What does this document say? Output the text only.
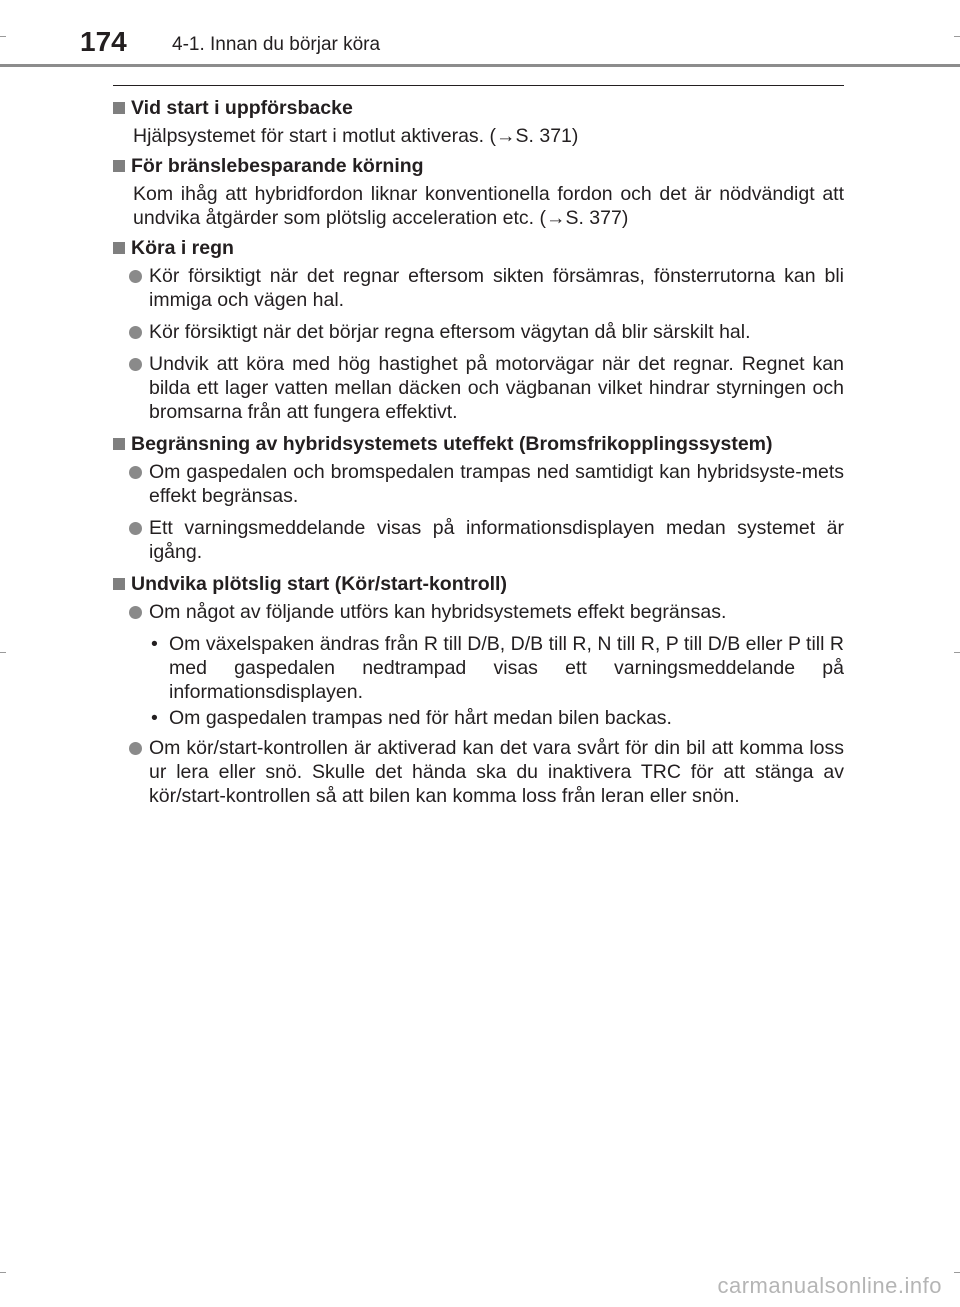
174 4-1. Innan du börjar köra
Vid start i uppförsbacke
Hjälpsystemet för start i motlut aktiveras. (→S. 371)
För bränslebesparande körning
Kom ihåg att hybridfordon liknar konventionella fordon och det är nödvändigt att undvika åtgärder som plötslig acceleration etc. (→S. 377)
Köra i regn
Kör försiktigt när det regnar eftersom sikten försämras, fönsterrutorna kan bli immiga och vägen hal.
Kör försiktigt när det börjar regna eftersom vägytan då blir särskilt hal.
Undvik att köra med hög hastighet på motorvägar när det regnar. Regnet kan bilda ett lager vatten mellan däcken och vägbanan vilket hindrar styrningen och bromsarna från att fungera effektivt.
Begränsning av hybridsystemets uteffekt (Bromsfrikopplingssystem)
Om gaspedalen och bromspedalen trampas ned samtidigt kan hybridsyste-mets effekt begränsas.
Ett varningsmeddelande visas på informationsdisplayen medan systemet är igång.
Undvika plötslig start (Kör/start-kontroll)
Om något av följande utförs kan hybridsystemets effekt begränsas.
• Om växelspaken ändras från R till D/B, D/B till R, N till R, P till D/B eller P till R med gaspedalen nedtrampad visas ett varningsmeddelande på informationsdisplayen.
• Om gaspedalen trampas ned för hårt medan bilen backas.
Om kör/start-kontrollen är aktiverad kan det vara svårt för din bil att komma loss ur lera eller snö. Skulle det hända ska du inaktivera TRC för att stänga av kör/start-kontrollen så att bilen kan komma loss från leran eller snön.
carmanualsonline.info
